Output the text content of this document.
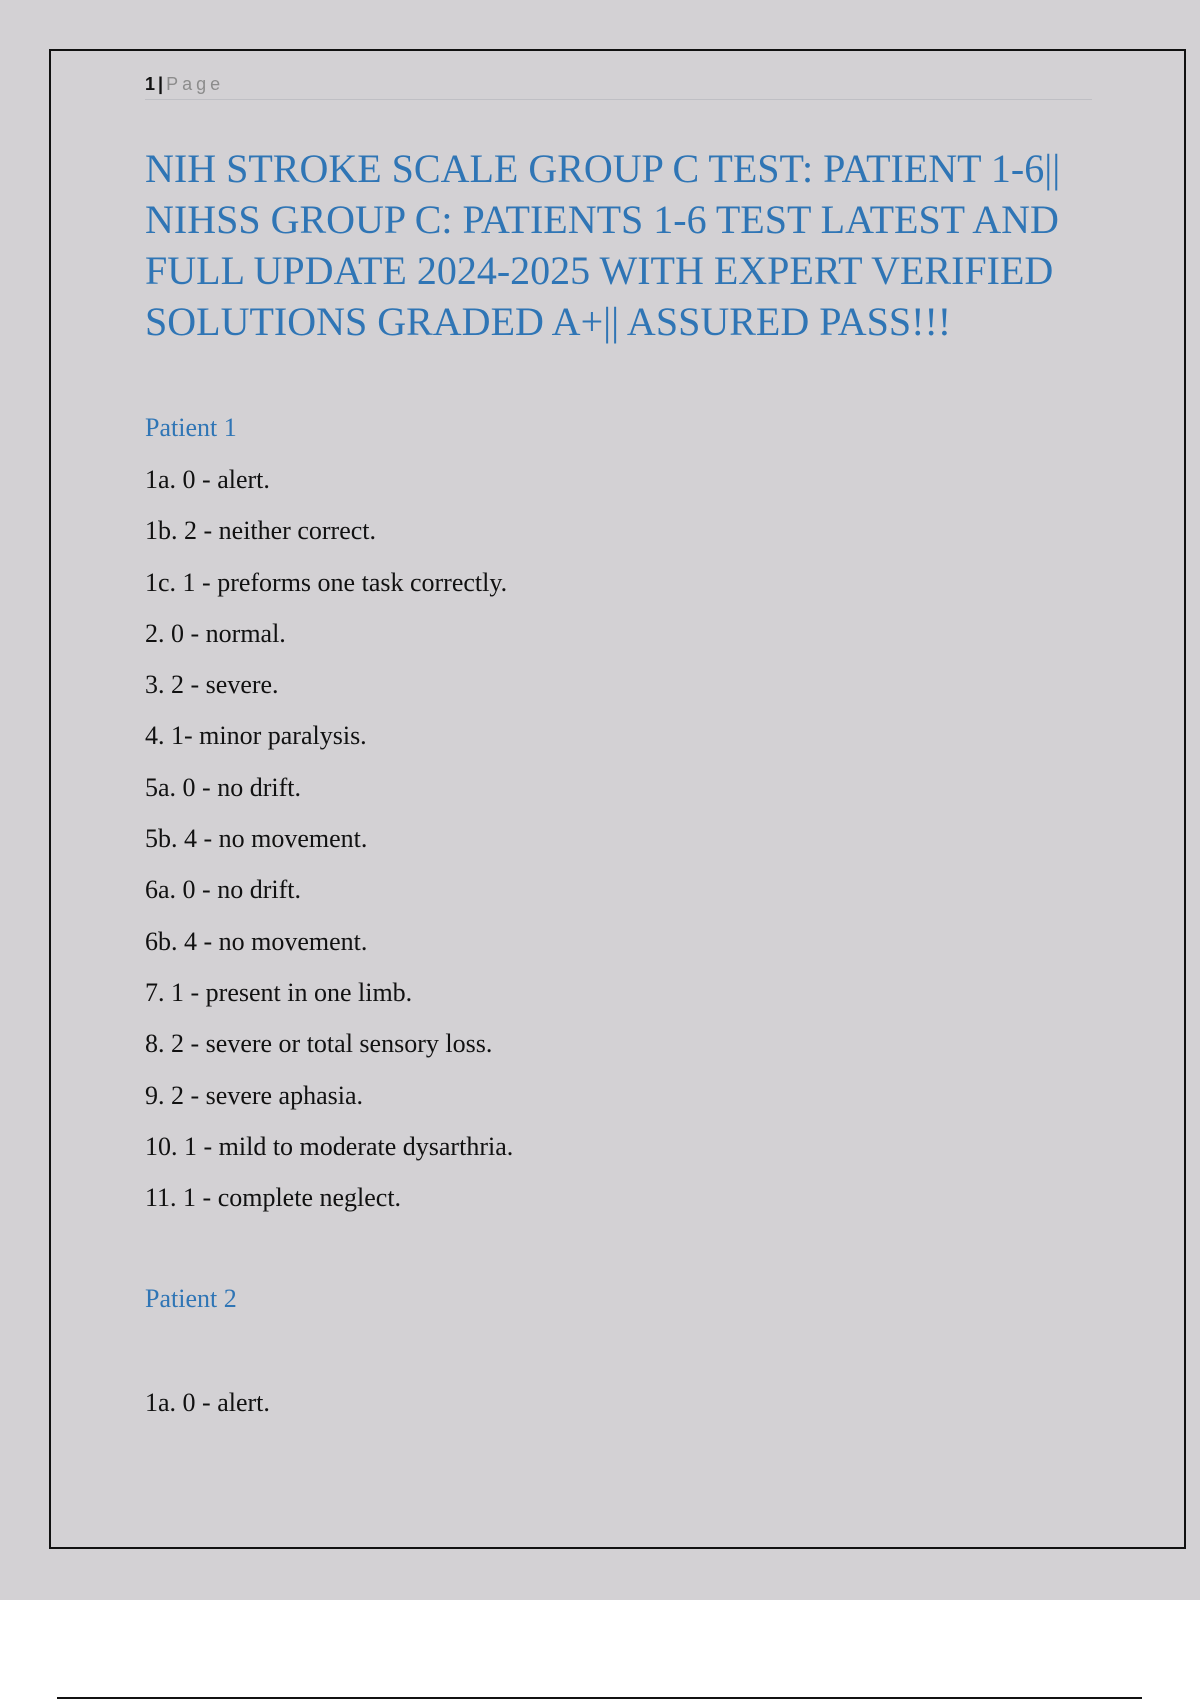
1 | Page
NIH STROKE SCALE GROUP C TEST: PATIENT 1-6|| NIHSS GROUP C: PATIENTS 1-6 TEST LATEST AND FULL UPDATE 2024-2025 WITH EXPERT VERIFIED SOLUTIONS GRADED A+|| ASSURED PASS!!!
Patient 1
1a. 0 - alert.
1b. 2 - neither correct.
1c. 1 - preforms one task correctly.
2. 0 - normal.
3. 2 - severe.
4. 1- minor paralysis.
5a. 0 - no drift.
5b. 4 - no movement.
6a. 0 - no drift.
6b. 4 - no movement.
7. 1 - present in one limb.
8. 2 - severe or total sensory loss.
9. 2 - severe aphasia.
10. 1 - mild to moderate dysarthria.
11. 1 - complete neglect.
Patient 2
1a. 0 - alert.
